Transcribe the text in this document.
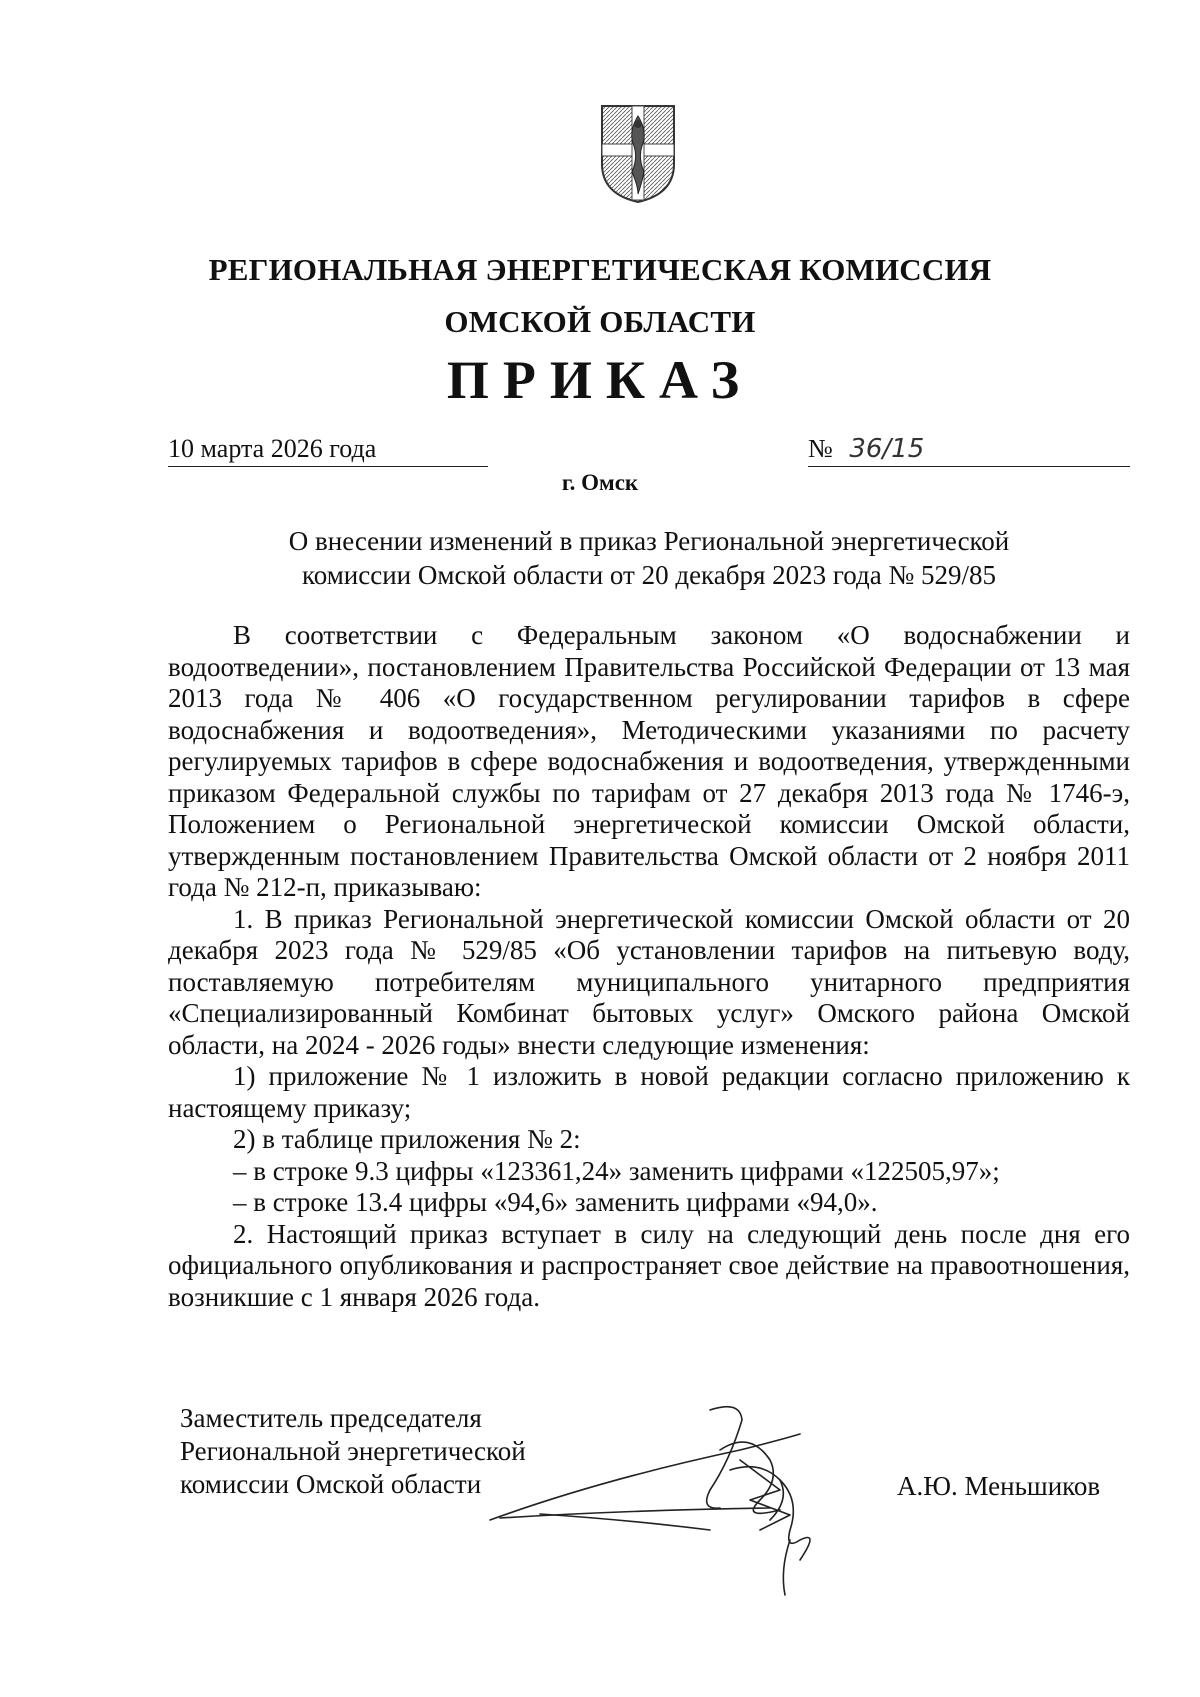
РЕГИОНАЛЬНАЯ ЭНЕРГЕТИЧЕСКАЯ КОМИССИЯ
ОМСКОЙ ОБЛАСТИ
ПРИКАЗ
10 марта 2026 года	№ 36/15
г. Омск
О внесении изменений в приказ Региональной энергетической
комиссии Омской области от 20 декабря 2023 года № 529/85

В соответствии с Федеральным законом «О водоснабжении и водоотведении», постановлением Правительства Российской Федерации от 13 мая 2013 года № 406 «О государственном регулировании тарифов в сфере водоснабжения и водоотведения», Методическими указаниями по расчету регулируемых тарифов в сфере водоснабжения и водоотведения, утвержденными приказом Федеральной службы по тарифам от 27 декабря 2013 года № 1746-э, Положением о Региональной энергетической комиссии Омской области, утвержденным постановлением Правительства Омской области от 2 ноября 2011 года № 212-п, приказываю:

1. В приказ Региональной энергетической комиссии Омской области от 20 декабря 2023 года № 529/85 «Об установлении тарифов на питьевую воду, поставляемую потребителям муниципального унитарного предприятия «Специализированный Комбинат бытовых услуг» Омского района Омской области, на 2024 - 2026 годы» внести следующие изменения:

1) приложение № 1 изложить в новой редакции согласно приложению к настоящему приказу;

2) в таблице приложения № 2:

– в строке 9.3 цифры «123361,24» заменить цифрами «122505,97»;

– в строке 13.4 цифры «94,6» заменить цифрами «94,0».

2. Настоящий приказ вступает в силу на следующий день после дня его официального опубликования и распространяет свое действие на правоотношения, возникшие с 1 января 2026 года.

Заместитель председателя
Региональной энергетической
комиссии Омской области	А.Ю. Меньшиков
